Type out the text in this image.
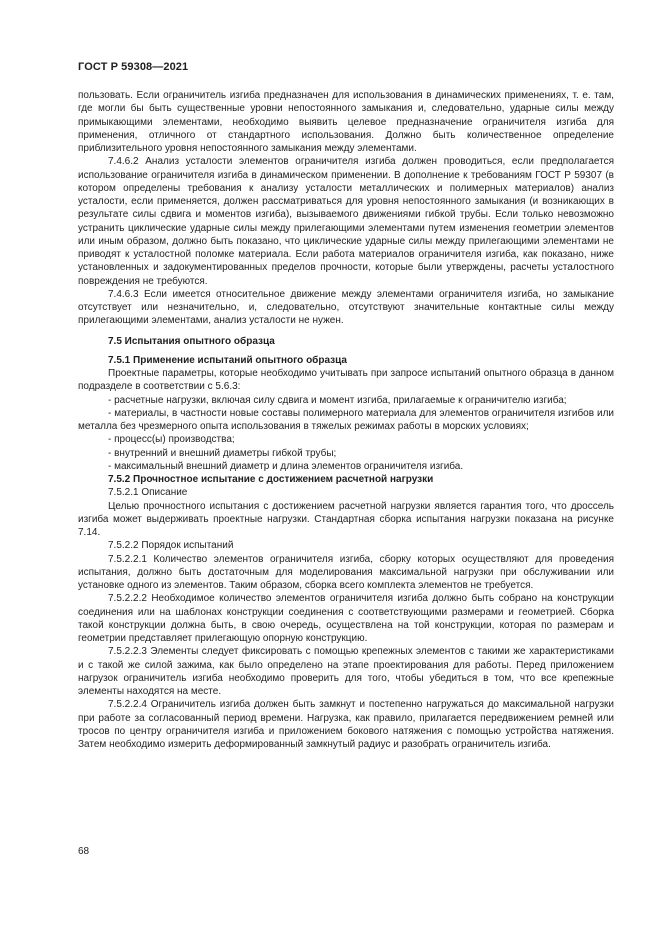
ГОСТ Р 59308—2021

пользовать. Если ограничитель изгиба предназначен для использования в динамических применениях, т. е. там, где могли бы быть существенные уровни непостоянного замыкания и, следовательно, ударные силы между примыкающими элементами, необходимо выявить целевое предназначение ограничителя изгиба для применения, отличного от стандартного использования. Должно быть количественное определение приблизительного уровня непостоянного замыкания между элементами.

7.4.6.2 Анализ усталости элементов ограничителя изгиба должен проводиться, если предполагается использование ограничителя изгиба в динамическом применении. В дополнение к требованиям ГОСТ Р 59307 (в котором определены требования к анализу усталости металлических и полимерных материалов) анализ усталости, если применяется, должен рассматриваться для уровня непостоянного замыкания (и возникающих в результате силы сдвига и моментов изгиба), вызываемого движениями гибкой трубы. Если только невозможно устранить циклические ударные силы между прилегающими элементами путем изменения геометрии элементов или иным образом, должно быть показано, что циклические ударные силы между прилегающими элементами не приводят к усталостной поломке материала. Если работа материалов ограничителя изгиба, как показано, ниже установленных и задокументированных пределов прочности, которые были утверждены, расчеты усталостного повреждения не требуются.

7.4.6.3 Если имеется относительное движение между элементами ограничителя изгиба, но замыкание отсутствует или незначительно, и, следовательно, отсутствуют значительные контактные силы между прилегающими элементами, анализ усталости не нужен.

7.5 Испытания опытного образца

7.5.1 Применение испытаний опытного образца

Проектные параметры, которые необходимо учитывать при запросе испытаний опытного образца в данном подразделе в соответствии с 5.6.3:

- расчетные нагрузки, включая силу сдвига и момент изгиба, прилагаемые к ограничителю изгиба;

- материалы, в частности новые составы полимерного материала для элементов ограничителя изгибов или металла без чрезмерного опыта использования в тяжелых режимах работы в морских условиях;

- процесс(ы) производства;

- внутренний и внешний диаметры гибкой трубы;

- максимальный внешний диаметр и длина элементов ограничителя изгиба.

7.5.2 Прочностное испытание с достижением расчетной нагрузки

7.5.2.1 Описание

Целью прочностного испытания с достижением расчетной нагрузки является гарантия того, что дроссель изгиба может выдерживать проектные нагрузки. Стандартная сборка испытания нагрузки показана на рисунке 7.14.

7.5.2.2 Порядок испытаний

7.5.2.2.1 Количество элементов ограничителя изгиба, сборку которых осуществляют для проведения испытания, должно быть достаточным для моделирования максимальной нагрузки при обслуживании или установке одного из элементов. Таким образом, сборка всего комплекта элементов не требуется.

7.5.2.2.2 Необходимое количество элементов ограничителя изгиба должно быть собрано на конструкции соединения или на шаблонах конструкции соединения с соответствующими размерами и геометрией. Сборка такой конструкции должна быть, в свою очередь, осуществлена на той конструкции, которая по размерам и геометрии представляет прилегающую опорную конструкцию.

7.5.2.2.3 Элементы следует фиксировать с помощью крепежных элементов с такими же характеристиками и с такой же силой зажима, как было определено на этапе проектирования для работы. Перед приложением нагрузок ограничитель изгиба необходимо проверить для того, чтобы убедиться в том, что все крепежные элементы находятся на месте.

7.5.2.2.4 Ограничитель изгиба должен быть замкнут и постепенно нагружаться до максимальной нагрузки при работе за согласованный период времени. Нагрузка, как правило, прилагается передвижением ремней или тросов по центру ограничителя изгиба и приложением бокового натяжения с помощью устройства натяжения. Затем необходимо измерить деформированный замкнутый радиус и разобрать ограничитель изгиба.

68
